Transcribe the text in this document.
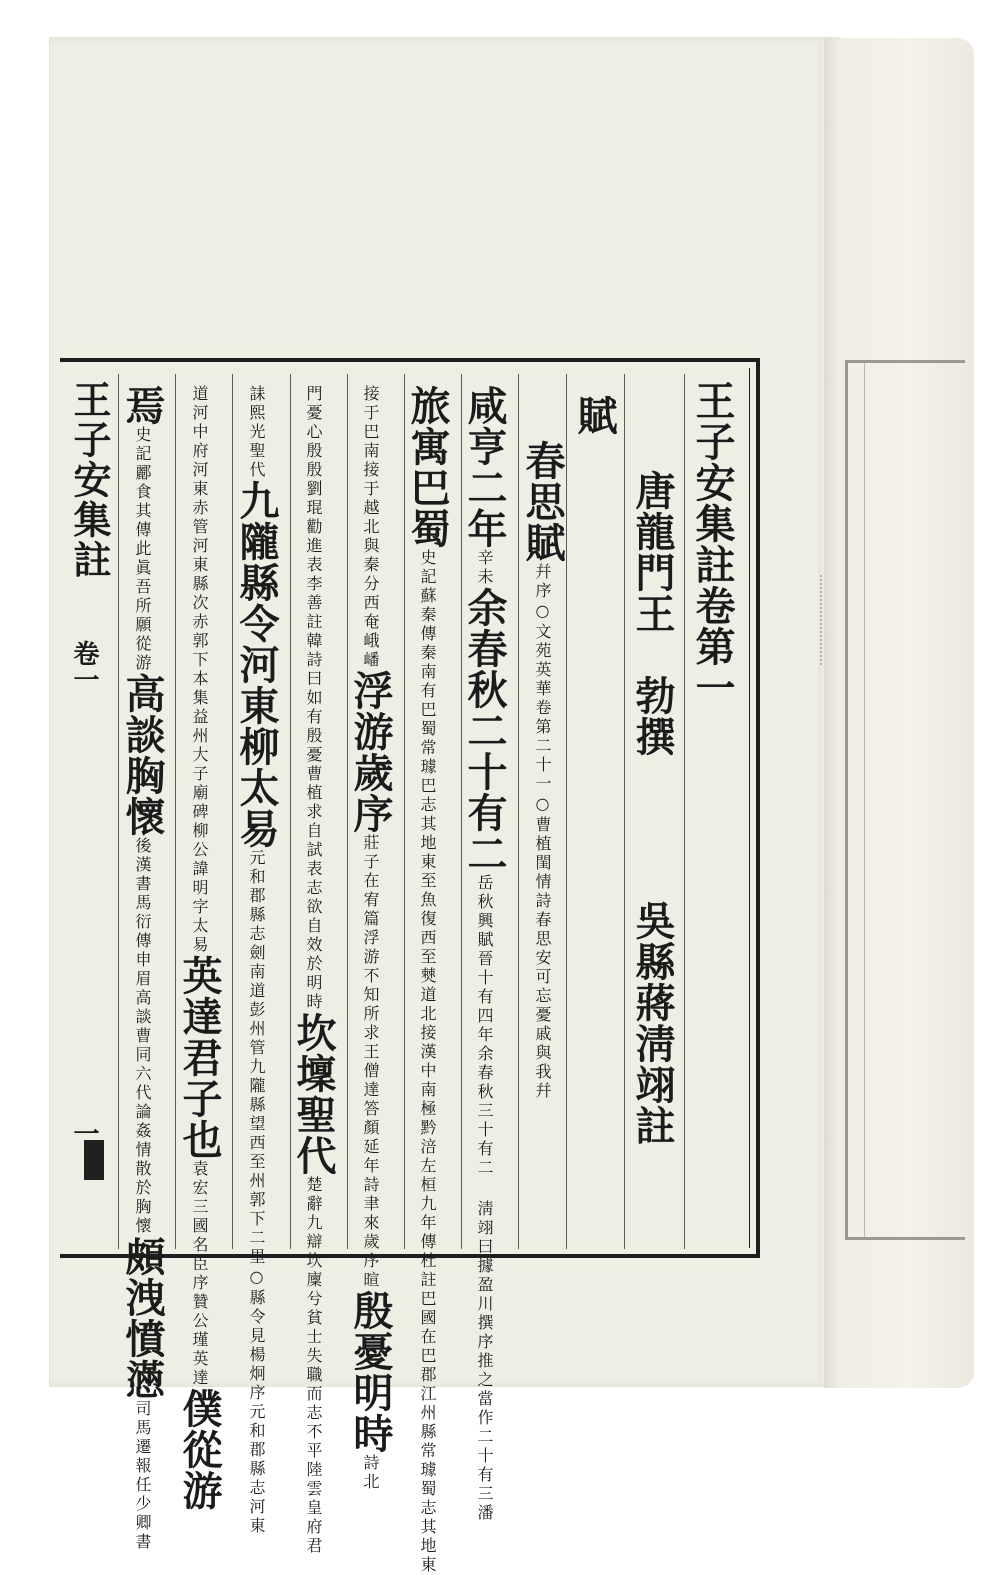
王子安集註
卷一
一
王子安集註卷第一
唐龍門王　勃撰
吳縣蔣淸翊註
賦
春思賦幷序○文苑英華卷第二十一○曹植閨情詩春思安可忘憂戚與我幷
咸亨二年辛未余春秋二十有二岳秋興賦晉十有四年余春秋三十有二 淸翊曰據盈川撰序推之當作二十有三潘
旅寓巴蜀史記蘇秦傳秦南有巴蜀常璩巴志其地東至魚復西至僰道北接漢中南極黔涪左桓九年傳杜註巴國在巴郡江州縣常璩蜀志其地東
接于巴南接于越北與秦分西奄峨嶓浮游歲序莊子在宥篇浮游不知所求王僧達答顏延年詩聿來歲序暄殷憂明時詩北
門憂心殷殷劉琨勸進表李善註韓詩曰如有殷憂曹植求自試表志欲自效於明時坎壈聖代楚辭九辯坎廩兮貧士失職而志不平陸雲皇府君
誄熙光聖代九隴縣令河東柳太易元和郡縣志劍南道彭州管九隴縣望西至州郭下二里○縣令見楊炯序元和郡縣志河東
道河中府河東赤管河東縣次赤郭下本集益州大子廟碑柳公諱明字太易英達君子也袁宏三國名臣序贊公瑾英達僕從游
焉史記酈食其傳此眞吾所願從游高談胸懷後漢書馬衍傳申眉高談曹同六代論姦情散於胸懷頗洩憤懣司馬遷報任少卿書
